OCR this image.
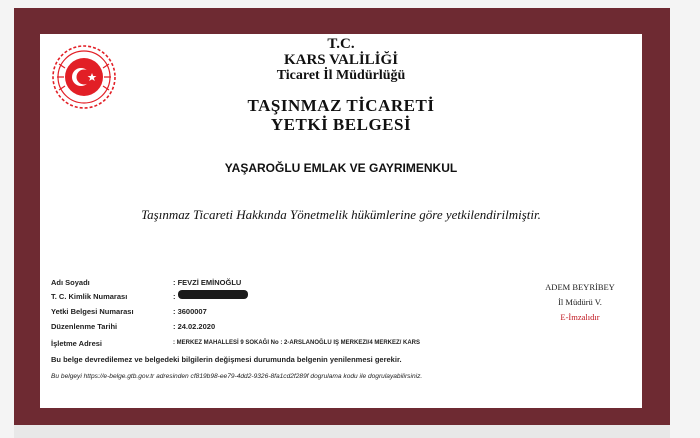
T.C.
KARS VALİLİĞİ
Ticaret İl Müdürlüğü
TAŞINMAZ TİCARETİ
YETKİ BELGESİ
YAŞAROĞLU EMLAK VE GAYRIMENKUL
Taşınmaz Ticareti Hakkında Yönetmelik hükümlerine göre yetkilendirilmiştir.
Adı Soyadı	: FEVZİ EMİNOĞLU
T. C. Kimlik Numarası	:
Yetki Belgesi Numarası	: 3600007
Düzenlenme Tarihi	: 24.02.2020
İşletme Adresi	: MERKEZ MAHALLESİ 9 SOKAĞI No : 2-ARSLANOĞLU IŞ MERKEZI/4 MERKEZ/ KARS
Bu belge devredilemez ve belgedeki bilgilerin değişmesi durumunda belgenin yenilenmesi gerekir.
Bu belgeyi https://e-belge.gtb.gov.tr adresinden cf819b98-ee79-4dd2-9326-8fa1cd2f289f dogrulama kodu ile dogrulayabilirsiniz.
ADEM BEYRİBEY
İl Müdürü V.
E-İmzalıdır
